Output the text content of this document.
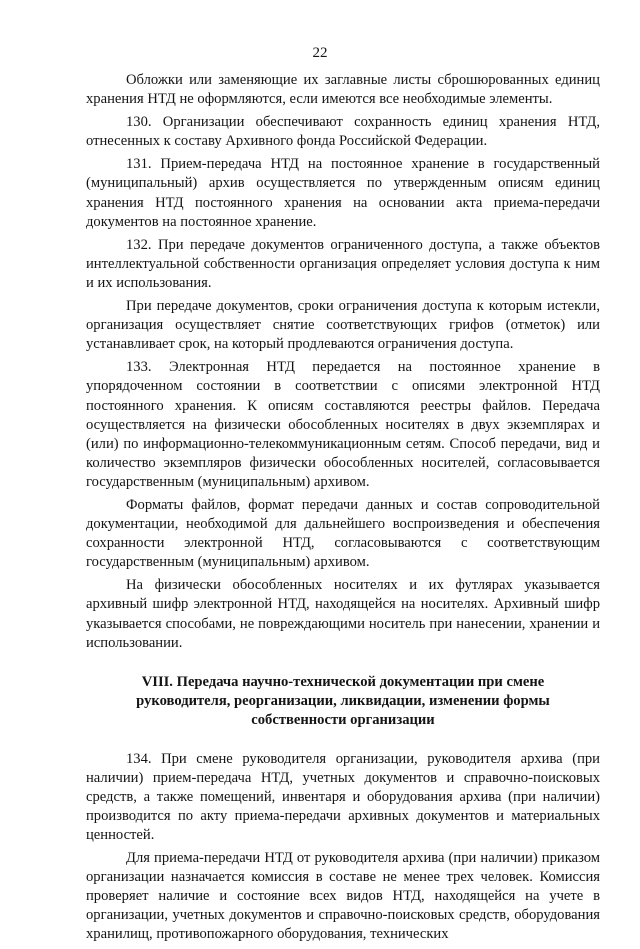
22

Обложки или заменяющие их заглавные листы сброшюрованных единиц хранения НТД не оформляются, если имеются все необходимые элементы.

130. Организации обеспечивают сохранность единиц хранения НТД, отнесенных к составу Архивного фонда Российской Федерации.

131. Прием-передача НТД на постоянное хранение в государственный (муниципальный) архив осуществляется по утвержденным описям единиц хранения НТД постоянного хранения на основании акта приема-передачи документов на постоянное хранение.

132. При передаче документов ограниченного доступа, а также объектов интеллектуальной собственности организация определяет условия доступа к ним и их использования.

При передаче документов, сроки ограничения доступа к которым истекли, организация осуществляет снятие соответствующих грифов (отметок) или устанавливает срок, на который продлеваются ограничения доступа.

133. Электронная НТД передается на постоянное хранение в упорядоченном состоянии в соответствии с описями электронной НТД постоянного хранения. К описям составляются реестры файлов. Передача осуществляется на физически обособленных носителях в двух экземплярах и (или) по информационно-телекоммуникационным сетям. Способ передачи, вид и количество экземпляров физически обособленных носителей, согласовывается государственным (муниципальным) архивом.

Форматы файлов, формат передачи данных и состав сопроводительной документации, необходимой для дальнейшего воспроизведения и обеспечения сохранности электронной НТД, согласовываются с соответствующим государственным (муниципальным) архивом.

На физически обособленных носителях и их футлярах указывается архивный шифр электронной НТД, находящейся на носителях. Архивный шифр указывается способами, не повреждающими носитель при нанесении, хранении и использовании.

VIII. Передача научно-технической документации при смене руководителя, реорганизации, ликвидации, изменении формы собственности организации

134. При смене руководителя организации, руководителя архива (при наличии) прием-передача НТД, учетных документов и справочно-поисковых средств, а также помещений, инвентаря и оборудования архива (при наличии) производится по акту приема-передачи архивных документов и материальных ценностей.

Для приема-передачи НТД от руководителя архива (при наличии) приказом организации назначается комиссия в составе не менее трех человек. Комиссия проверяет наличие и состояние всех видов НТД, находящейся на учете в организации, учетных документов и справочно-поисковых средств, оборудования хранилищ, противопожарного оборудования, технических
